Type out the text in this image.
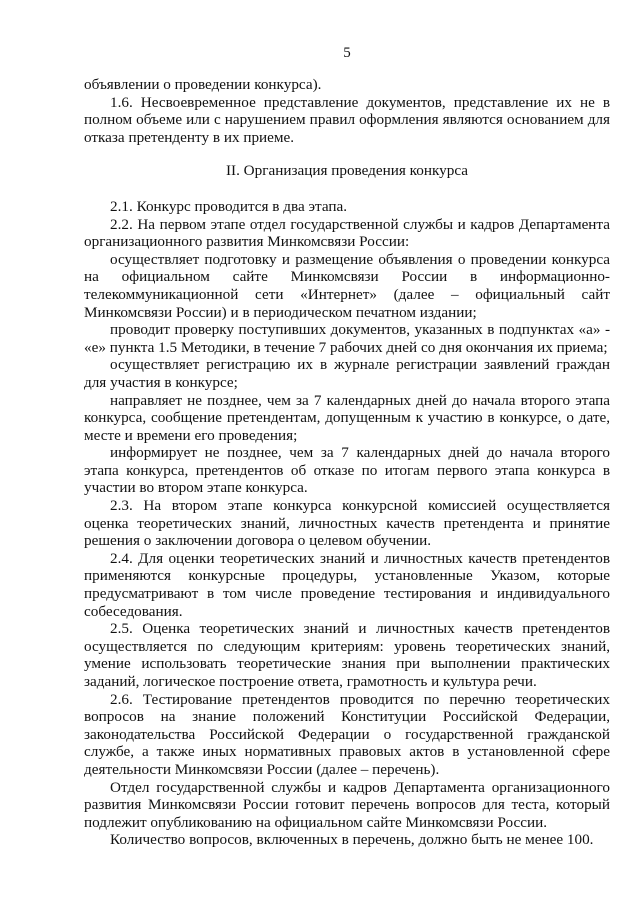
5

объявлении о проведении конкурса).

1.6. Несвоевременное представление документов, представление их не в полном объеме или с нарушением правил оформления являются основанием для отказа претенденту в их приеме.

II. Организация проведения конкурса

2.1. Конкурс проводится в два этапа.

2.2. На первом этапе отдел государственной службы и кадров Департамента организационного развития Минкомсвязи России:

осуществляет подготовку и размещение объявления о проведении конкурса на официальном сайте Минкомсвязи России в информационно-телекоммуникационной сети «Интернет» (далее – официальный сайт Минкомсвязи России) и в периодическом печатном издании;

проводит проверку поступивших документов, указанных в подпунктах «а» - «е» пункта 1.5 Методики, в течение 7 рабочих дней со дня окончания их приема;

осуществляет регистрацию их в журнале регистрации заявлений граждан для участия в конкурсе;

направляет не позднее, чем за 7 календарных дней до начала второго этапа конкурса, сообщение претендентам, допущенным к участию в конкурсе, о дате, месте и времени его проведения;

информирует не позднее, чем за 7 календарных дней до начала второго этапа конкурса, претендентов об отказе по итогам первого этапа конкурса в участии во втором этапе конкурса.

2.3. На втором этапе конкурса конкурсной комиссией осуществляется оценка теоретических знаний, личностных качеств претендента и принятие решения о заключении договора о целевом обучении.

2.4. Для оценки теоретических знаний и личностных качеств претендентов применяются конкурсные процедуры, установленные Указом, которые предусматривают в том числе проведение тестирования и индивидуального собеседования.

2.5. Оценка теоретических знаний и личностных качеств претендентов осуществляется по следующим критериям: уровень теоретических знаний, умение использовать теоретические знания при выполнении практических заданий, логическое построение ответа, грамотность и культура речи.

2.6. Тестирование претендентов проводится по перечню теоретических вопросов на знание положений Конституции Российской Федерации, законодательства Российской Федерации о государственной гражданской службе, а также иных нормативных правовых актов в установленной сфере деятельности Минкомсвязи России (далее – перечень).

Отдел государственной службы и кадров Департамента организационного развития Минкомсвязи России готовит перечень вопросов для теста, который подлежит опубликованию на официальном сайте Минкомсвязи России.

Количество вопросов, включенных в перечень, должно быть не менее 100.
